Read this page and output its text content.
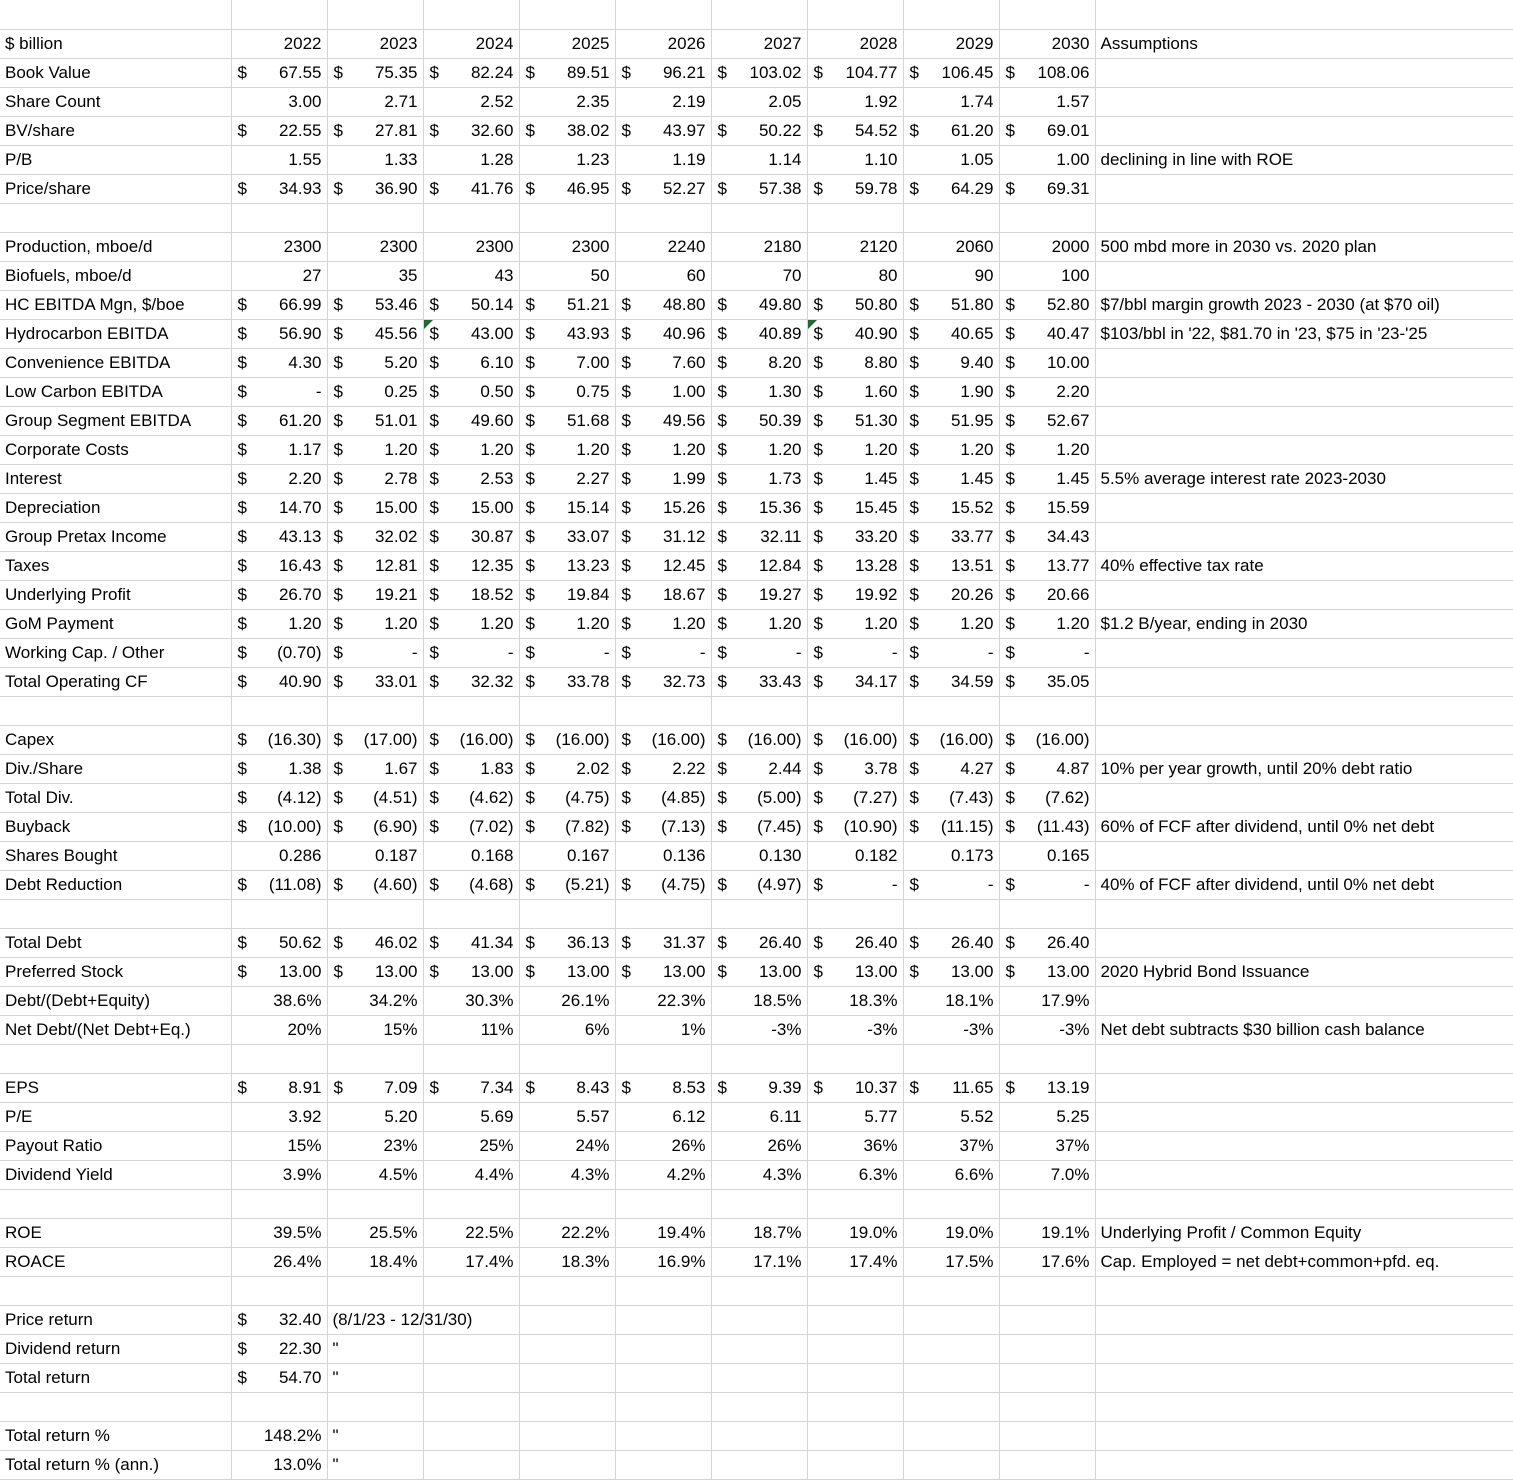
$ billion	2022	2023	2024	2025	2026	2027	2028	2029	2030	Assumptions
Book Value	$ 67.55	$ 75.35	$ 82.24	$ 89.51	$ 96.21	$ 103.02	$ 104.77	$ 106.45	$ 108.06	
Share Count	3.00	2.71	2.52	2.35	2.19	2.05	1.92	1.74	1.57	
BV/share	$ 22.55	$ 27.81	$ 32.60	$ 38.02	$ 43.97	$ 50.22	$ 54.52	$ 61.20	$ 69.01	
P/B	1.55	1.33	1.28	1.23	1.19	1.14	1.10	1.05	1.00	declining in line with ROE
Price/share	$ 34.93	$ 36.90	$ 41.76	$ 46.95	$ 52.27	$ 57.38	$ 59.78	$ 64.29	$ 69.31	

Production, mboe/d	2300	2300	2300	2300	2240	2180	2120	2060	2000	500 mbd more in 2030 vs. 2020 plan
Biofuels, mboe/d	27	35	43	50	60	70	80	90	100	
HC EBITDA Mgn, $/boe	$ 66.99	$ 53.46	$ 50.14	$ 51.21	$ 48.80	$ 49.80	$ 50.80	$ 51.80	$ 52.80	$7/bbl margin growth 2023 - 2030 (at $70 oil)
Hydrocarbon EBITDA	$ 56.90	$ 45.56	$ 43.00	$ 43.93	$ 40.96	$ 40.89	$ 40.90	$ 40.65	$ 40.47	$103/bbl in '22, $81.70 in '23, $75 in '23-'25
Convenience EBITDA	$ 4.30	$ 5.20	$ 6.10	$ 7.00	$ 7.60	$ 8.20	$ 8.80	$ 9.40	$ 10.00	
Low Carbon EBITDA	$ -	$ 0.25	$ 0.50	$ 0.75	$ 1.00	$ 1.30	$ 1.60	$ 1.90	$ 2.20	
Group Segment EBITDA	$ 61.20	$ 51.01	$ 49.60	$ 51.68	$ 49.56	$ 50.39	$ 51.30	$ 51.95	$ 52.67	
Corporate Costs	$ 1.17	$ 1.20	$ 1.20	$ 1.20	$ 1.20	$ 1.20	$ 1.20	$ 1.20	$ 1.20	
Interest	$ 2.20	$ 2.78	$ 2.53	$ 2.27	$ 1.99	$ 1.73	$ 1.45	$ 1.45	$ 1.45	5.5% average interest rate 2023-2030
Depreciation	$ 14.70	$ 15.00	$ 15.00	$ 15.14	$ 15.26	$ 15.36	$ 15.45	$ 15.52	$ 15.59	
Group Pretax Income	$ 43.13	$ 32.02	$ 30.87	$ 33.07	$ 31.12	$ 32.11	$ 33.20	$ 33.77	$ 34.43	
Taxes	$ 16.43	$ 12.81	$ 12.35	$ 13.23	$ 12.45	$ 12.84	$ 13.28	$ 13.51	$ 13.77	40% effective tax rate
Underlying Profit	$ 26.70	$ 19.21	$ 18.52	$ 19.84	$ 18.67	$ 19.27	$ 19.92	$ 20.26	$ 20.66	
GoM Payment	$ 1.20	$ 1.20	$ 1.20	$ 1.20	$ 1.20	$ 1.20	$ 1.20	$ 1.20	$ 1.20	$1.2 B/year, ending in 2030
Working Cap. / Other	$ (0.70)	$ -	$ -	$ -	$ -	$ -	$ -	$ -	$ -	
Total Operating CF	$ 40.90	$ 33.01	$ 32.32	$ 33.78	$ 32.73	$ 33.43	$ 34.17	$ 34.59	$ 35.05	

Capex	$ (16.30)	$ (17.00)	$ (16.00)	$ (16.00)	$ (16.00)	$ (16.00)	$ (16.00)	$ (16.00)	$ (16.00)	
Div./Share	$ 1.38	$ 1.67	$ 1.83	$ 2.02	$ 2.22	$ 2.44	$ 3.78	$ 4.27	$ 4.87	10% per year growth, until 20% debt ratio
Total Div.	$ (4.12)	$ (4.51)	$ (4.62)	$ (4.75)	$ (4.85)	$ (5.00)	$ (7.27)	$ (7.43)	$ (7.62)	
Buyback	$ (10.00)	$ (6.90)	$ (7.02)	$ (7.82)	$ (7.13)	$ (7.45)	$ (10.90)	$ (11.15)	$ (11.43)	60% of FCF after dividend, until 0% net debt
Shares Bought	0.286	0.187	0.168	0.167	0.136	0.130	0.182	0.173	0.165	
Debt Reduction	$ (11.08)	$ (4.60)	$ (4.68)	$ (5.21)	$ (4.75)	$ (4.97)	$ -	$ -	$ -	40% of FCF after dividend, until 0% net debt

Total Debt	$ 50.62	$ 46.02	$ 41.34	$ 36.13	$ 31.37	$ 26.40	$ 26.40	$ 26.40	$ 26.40	
Preferred Stock	$ 13.00	$ 13.00	$ 13.00	$ 13.00	$ 13.00	$ 13.00	$ 13.00	$ 13.00	$ 13.00	2020 Hybrid Bond Issuance
Debt/(Debt+Equity)	38.6%	34.2%	30.3%	26.1%	22.3%	18.5%	18.3%	18.1%	17.9%	
Net Debt/(Net Debt+Eq.)	20%	15%	11%	6%	1%	-3%	-3%	-3%	-3%	Net debt subtracts $30 billion cash balance

EPS	$ 8.91	$ 7.09	$ 7.34	$ 8.43	$ 8.53	$ 9.39	$ 10.37	$ 11.65	$ 13.19	
P/E	3.92	5.20	5.69	5.57	6.12	6.11	5.77	5.52	5.25	
Payout Ratio	15%	23%	25%	24%	26%	26%	36%	37%	37%	
Dividend Yield	3.9%	4.5%	4.4%	4.3%	4.2%	4.3%	6.3%	6.6%	7.0%	

ROE	39.5%	25.5%	22.5%	22.2%	19.4%	18.7%	19.0%	19.0%	19.1%	Underlying Profit / Common Equity
ROACE	26.4%	18.4%	17.4%	18.3%	16.9%	17.1%	17.4%	17.5%	17.6%	Cap. Employed = net debt+common+pfd. eq.

Price return	$ 32.40	(8/1/23 - 12/31/30)								
Dividend return	$ 22.30	"								
Total return	$ 54.70	"								

Total return %	148.2%	"								
Total return % (ann.)	13.0%	"								
